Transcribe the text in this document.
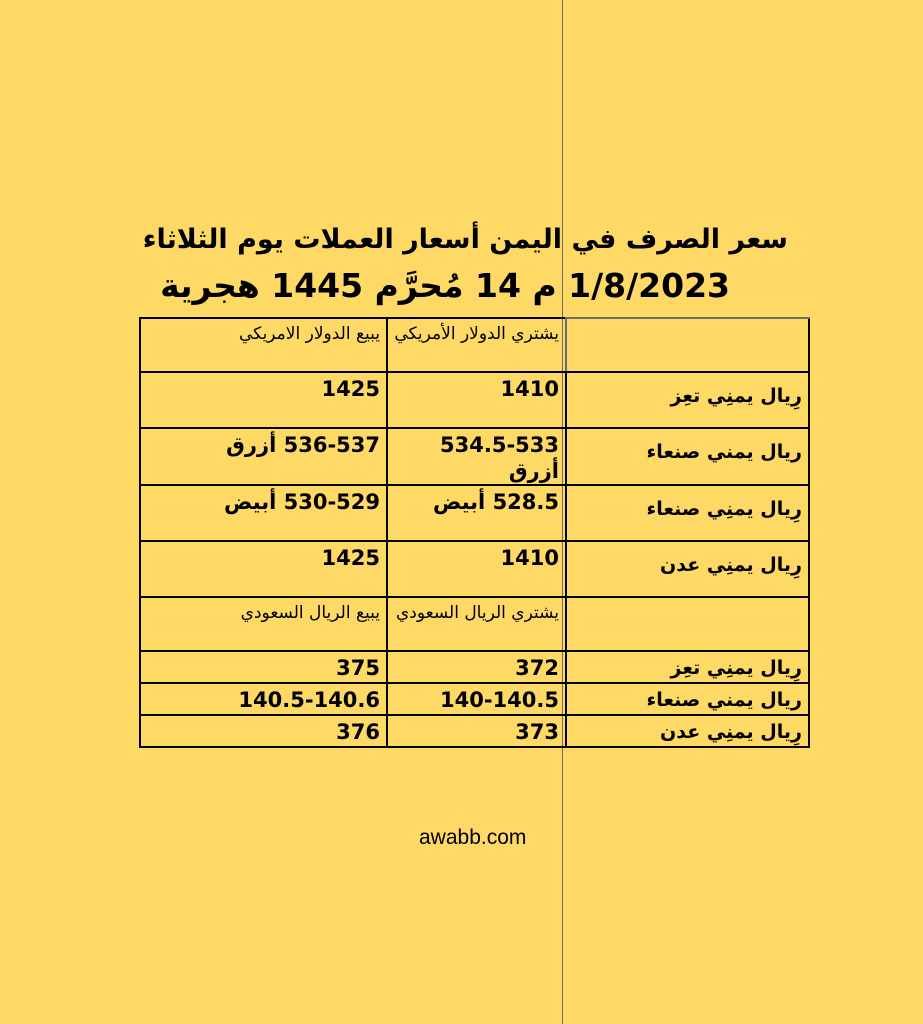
سعر الصرف في اليمن أسعار العملات يوم الثلاثاء
1/8/2023 م 14 مُحرَّم 1445 هجرية
	يشتري الدولار الأمريكي	يبيع الدولار الامريكي
رِيال يمنِي تعِز	1410	1425
ريال يمني صنعاء	534.5-533 أزرق	536-537 أزرق
رِيال يمنِي صنعاء	528.5 أبيض	530-529 أبيض
رِيال يمنِي عدن	1410	1425
	يشتري الريال السعودي	يبيع الريال السعودي
رِيال يمنِي تعِز	372	375
ريال يمني صنعاء	140-140.5	140.5-140.6
رِيال يمنِي عدن	373	376
awabb.com
